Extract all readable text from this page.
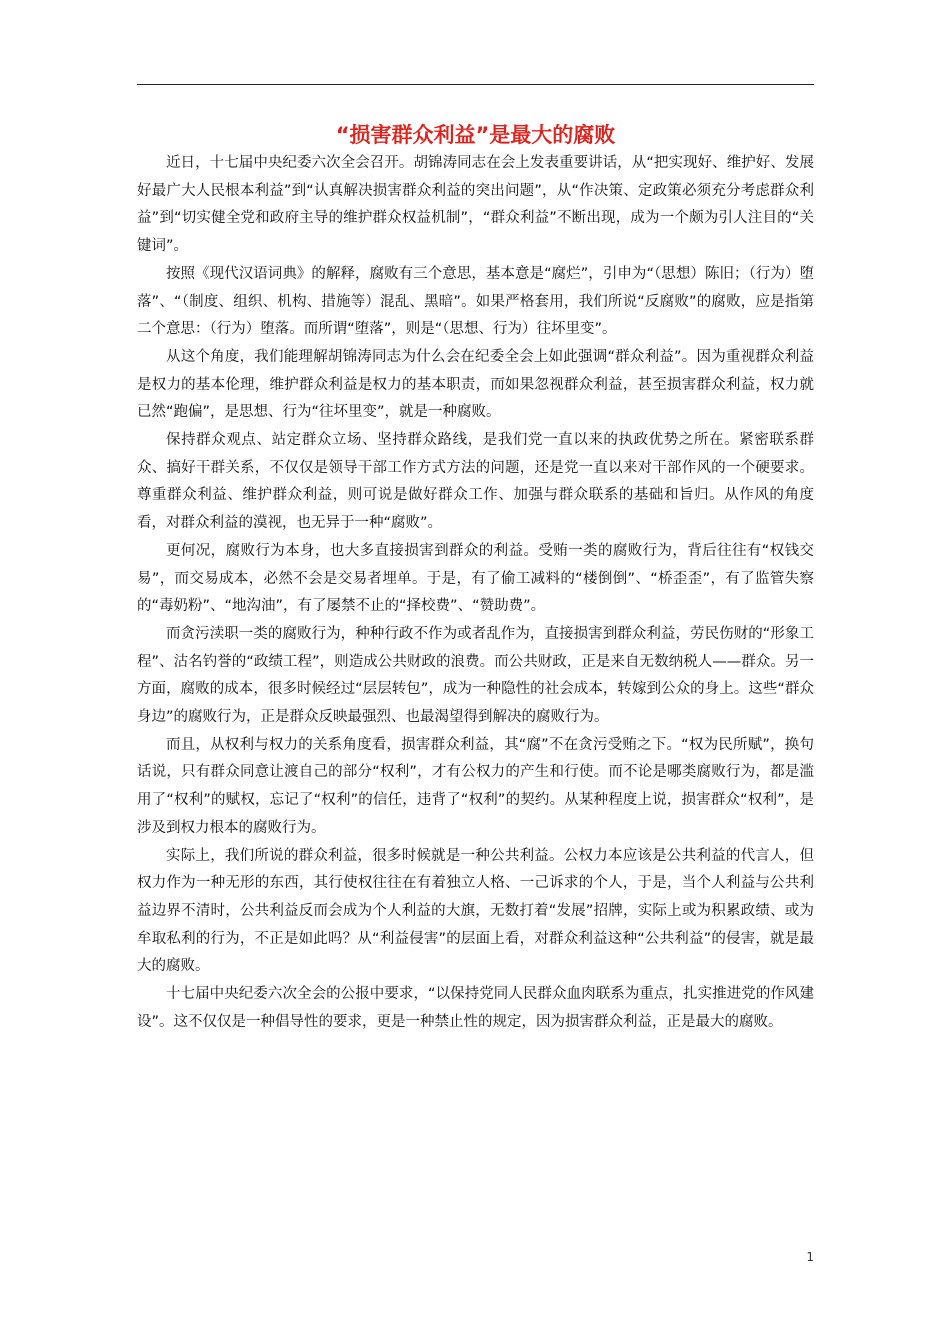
“损害群众利益”是最大的腐败

近日，十七届中央纪委六次全会召开。胡锦涛同志在会上发表重要讲话，从“把实现好、维护好、发展好最广大人民根本利益”到“认真解决损害群众利益的突出问题”，从“作决策、定政策必须充分考虑群众利益”到“切实健全党和政府主导的维护群众权益机制”，“群众利益”不断出现，成为一个颇为引人注目的“关键词”。

按照《现代汉语词典》的解释，腐败有三个意思，基本意是“腐烂”，引申为“（思想）陈旧；（行为）堕落”、“（制度、组织、机构、措施等）混乱、黑暗”。如果严格套用，我们所说“反腐败”的腐败，应是指第二个意思：（行为）堕落。而所谓“堕落”，则是“（思想、行为）往坏里变”。

从这个角度，我们能理解胡锦涛同志为什么会在纪委全会上如此强调“群众利益”。因为重视群众利益是权力的基本伦理，维护群众利益是权力的基本职责，而如果忽视群众利益，甚至损害群众利益，权力就已然“跑偏”，是思想、行为“往坏里变”，就是一种腐败。

保持群众观点、站定群众立场、坚持群众路线，是我们党一直以来的执政优势之所在。紧密联系群众、搞好干群关系，不仅仅是领导干部工作方式方法的问题，还是党一直以来对干部作风的一个硬要求。尊重群众利益、维护群众利益，则可说是做好群众工作、加强与群众联系的基础和旨归。从作风的角度看，对群众利益的漠视，也无异于一种“腐败”。

更何况，腐败行为本身，也大多直接损害到群众的利益。受贿一类的腐败行为，背后往往有“权钱交易”，而交易成本，必然不会是交易者埋单。于是，有了偷工减料的“楼倒倒”、“桥歪歪”，有了监管失察的“毒奶粉”、“地沟油”，有了屡禁不止的“择校费”、“赞助费”。

而贪污渎职一类的腐败行为，种种行政不作为或者乱作为，直接损害到群众利益，劳民伤财的“形象工程”、沽名钓誉的“政绩工程”，则造成公共财政的浪费。而公共财政，正是来自无数纳税人——群众。另一方面，腐败的成本，很多时候经过“层层转包”，成为一种隐性的社会成本，转嫁到公众的身上。这些“群众身边”的腐败行为，正是群众反映最强烈、也最渴望得到解决的腐败行为。

而且，从权利与权力的关系角度看，损害群众利益，其“腐”不在贪污受贿之下。“权为民所赋”，换句话说，只有群众同意让渡自己的部分“权利”，才有公权力的产生和行使。而不论是哪类腐败行为，都是滥用了“权利”的赋权，忘记了“权利”的信任，违背了“权利”的契约。从某种程度上说，损害群众“权利”，是涉及到权力根本的腐败行为。

实际上，我们所说的群众利益，很多时候就是一种公共利益。公权力本应该是公共利益的代言人，但权力作为一种无形的东西，其行使权往往在有着独立人格、一己诉求的个人，于是，当个人利益与公共利益边界不清时，公共利益反而会成为个人利益的大旗，无数打着“发展”招牌，实际上或为积累政绩、或为牟取私利的行为，不正是如此吗？从“利益侵害”的层面上看，对群众利益这种“公共利益”的侵害，就是最大的腐败。

十七届中央纪委六次全会的公报中要求，“以保持党同人民群众血肉联系为重点，扎实推进党的作风建设”。这不仅仅是一种倡导性的要求，更是一种禁止性的规定，因为损害群众利益，正是最大的腐败。

1
